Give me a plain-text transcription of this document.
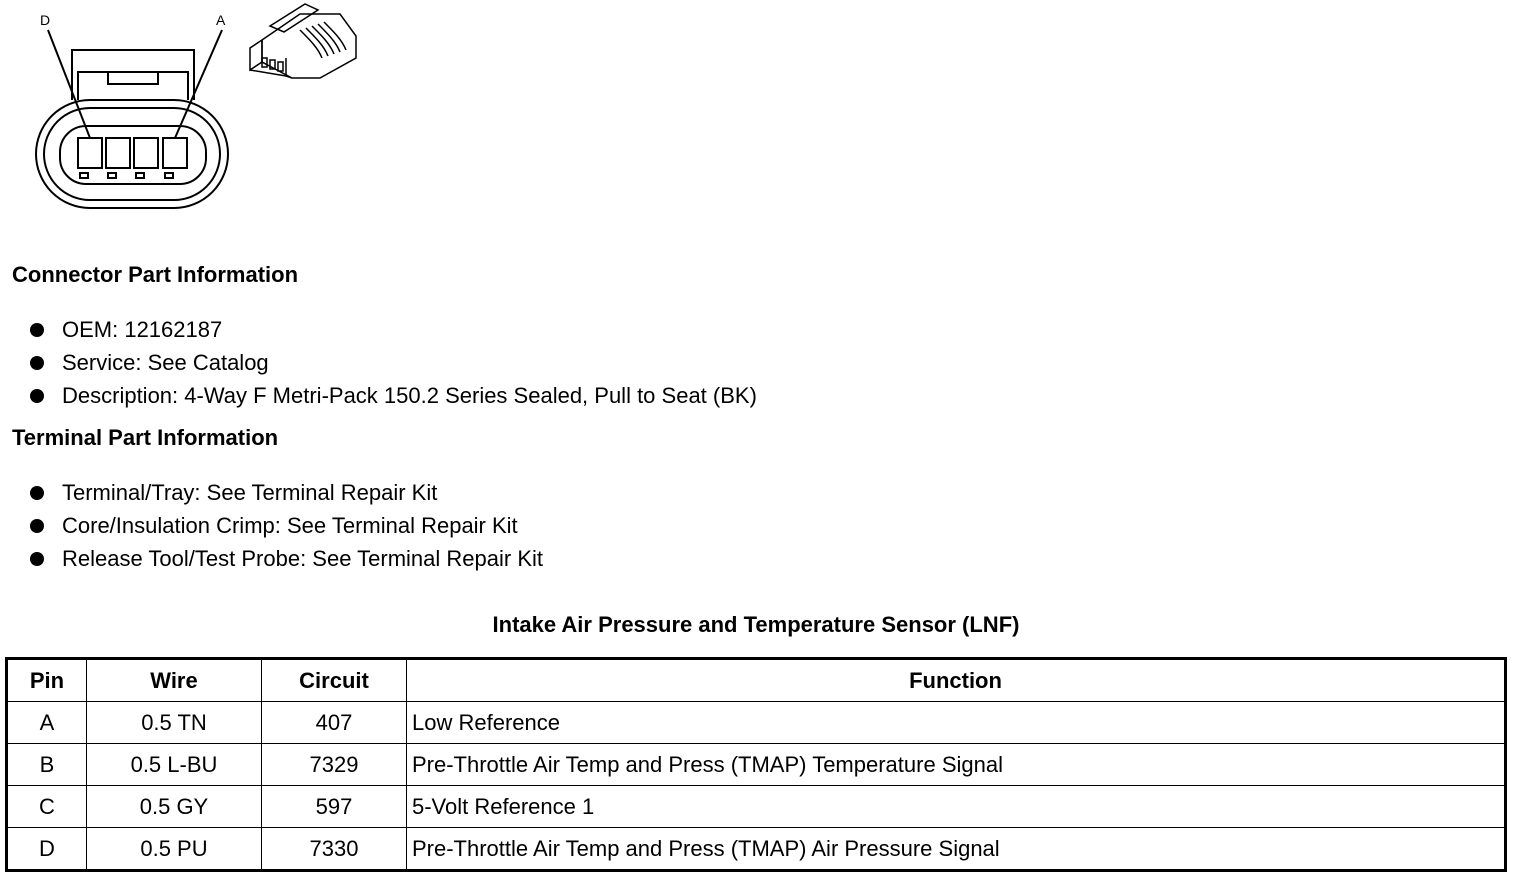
D	A
Connector Part Information
OEM: 12162187
Service: See Catalog
Description: 4-Way F Metri-Pack 150.2 Series Sealed, Pull to Seat (BK)
Terminal Part Information
Terminal/Tray: See Terminal Repair Kit
Core/Insulation Crimp: See Terminal Repair Kit
Release Tool/Test Probe: See Terminal Repair Kit
Intake Air Pressure and Temperature Sensor (LNF)
Pin	Wire	Circuit	Function
A	0.5 TN	407	Low Reference
B	0.5 L-BU	7329	Pre-Throttle Air Temp and Press (TMAP) Temperature Signal
C	0.5 GY	597	5-Volt Reference 1
D	0.5 PU	7330	Pre-Throttle Air Temp and Press (TMAP) Air Pressure Signal
